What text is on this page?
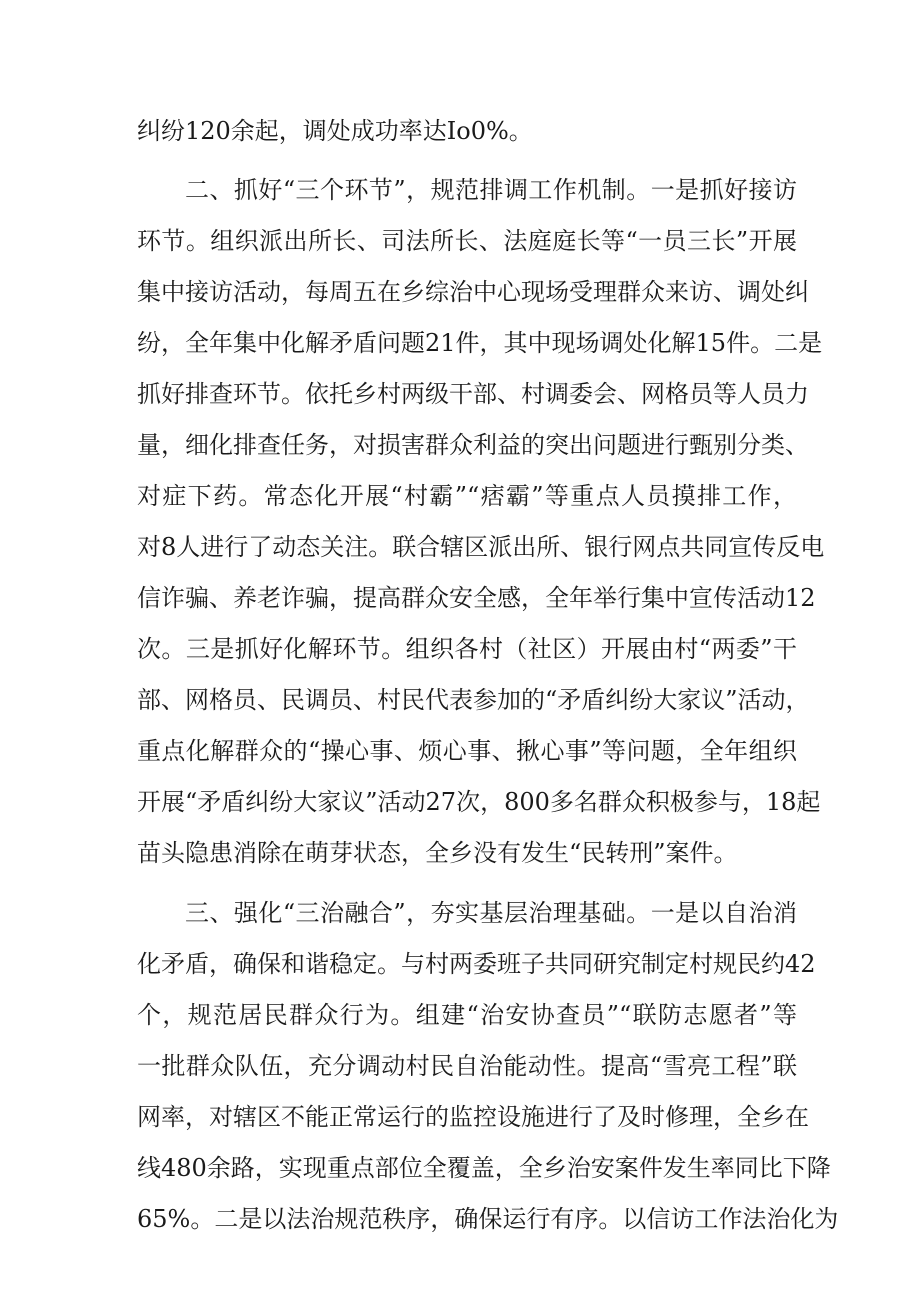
纠纷120余起，调处成功率达Io0%。
二、抓好“三个环节”，规范排调工作机制。一是抓好接访
环节。组织派出所长、司法所长、法庭庭长等“一员三长”开展
集中接访活动，每周五在乡综治中心现场受理群众来访、调处纠
纷，全年集中化解矛盾问题21件，其中现场调处化解15件。二是
抓好排查环节。依托乡村两级干部、村调委会、网格员等人员力
量，细化排查任务，对损害群众利益的突出问题进行甄别分类、
对症下药。常态化开展“村霸”“痞霸”等重点人员摸排工作，
对8人进行了动态关注。联合辖区派出所、银行网点共同宣传反电
信诈骗、养老诈骗，提高群众安全感，全年举行集中宣传活动12
次。三是抓好化解环节。组织各村（社区）开展由村“两委”干
部、网格员、民调员、村民代表参加的“矛盾纠纷大家议”活动，
重点化解群众的“操心事、烦心事、揪心事”等问题，全年组织
开展“矛盾纠纷大家议”活动27次，800多名群众积极参与，18起
苗头隐患消除在萌芽状态，全乡没有发生“民转刑”案件。
三、强化“三治融合”，夯实基层治理基础。一是以自治消
化矛盾，确保和谐稳定。与村两委班子共同研究制定村规民约42
个，规范居民群众行为。组建“治安协查员”“联防志愿者”等
一批群众队伍，充分调动村民自治能动性。提高“雪亮工程”联
网率，对辖区不能正常运行的监控设施进行了及时修理，全乡在
线480余路，实现重点部位全覆盖，全乡治安案件发生率同比下降
65%。二是以法治规范秩序，确保运行有序。以信访工作法治化为
